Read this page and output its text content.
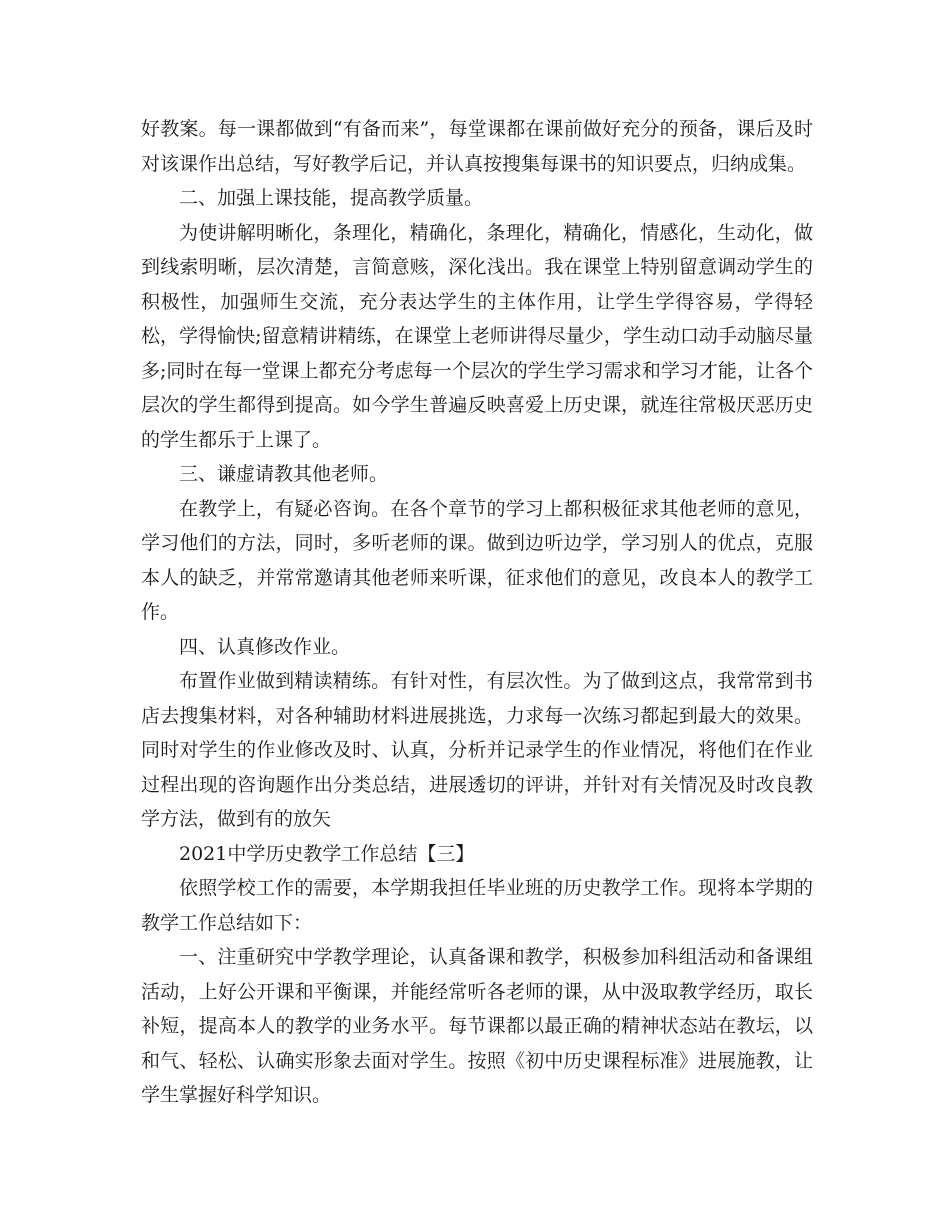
好教案。每一课都做到“有备而来”，每堂课都在课前做好充分的预备，课后及时对该课作出总结，写好教学后记，并认真按搜集每课书的知识要点，归纳成集。

二、加强上课技能，提高教学质量。

为使讲解明晰化，条理化，精确化，条理化，精确化，情感化，生动化，做到线索明晰，层次清楚，言简意赅，深化浅出。我在课堂上特别留意调动学生的积极性，加强师生交流，充分表达学生的主体作用，让学生学得容易，学得轻松，学得愉快;留意精讲精练，在课堂上老师讲得尽量少，学生动口动手动脑尽量多;同时在每一堂课上都充分考虑每一个层次的学生学习需求和学习才能，让各个层次的学生都得到提高。如今学生普遍反映喜爱上历史课，就连往常极厌恶历史的学生都乐于上课了。

三、谦虚请教其他老师。

在教学上，有疑必咨询。在各个章节的学习上都积极征求其他老师的意见，学习他们的方法，同时，多听老师的课。做到边听边学，学习别人的优点，克服本人的缺乏，并常常邀请其他老师来听课，征求他们的意见，改良本人的教学工作。

四、认真修改作业。

布置作业做到精读精练。有针对性，有层次性。为了做到这点，我常常到书店去搜集材料，对各种辅助材料进展挑选，力求每一次练习都起到最大的效果。同时对学生的作业修改及时、认真，分析并记录学生的作业情况，将他们在作业过程出现的咨询题作出分类总结，进展透切的评讲，并针对有关情况及时改良教学方法，做到有的放矢

2021中学历史教学工作总结【三】

依照学校工作的需要，本学期我担任毕业班的历史教学工作。现将本学期的教学工作总结如下：

一、注重研究中学教学理论，认真备课和教学，积极参加科组活动和备课组活动，上好公开课和平衡课，并能经常听各老师的课，从中汲取教学经历，取长补短，提高本人的教学的业务水平。每节课都以最正确的精神状态站在教坛，以和气、轻松、认确实形象去面对学生。按照《初中历史课程标准》进展施教，让学生掌握好科学知识。
